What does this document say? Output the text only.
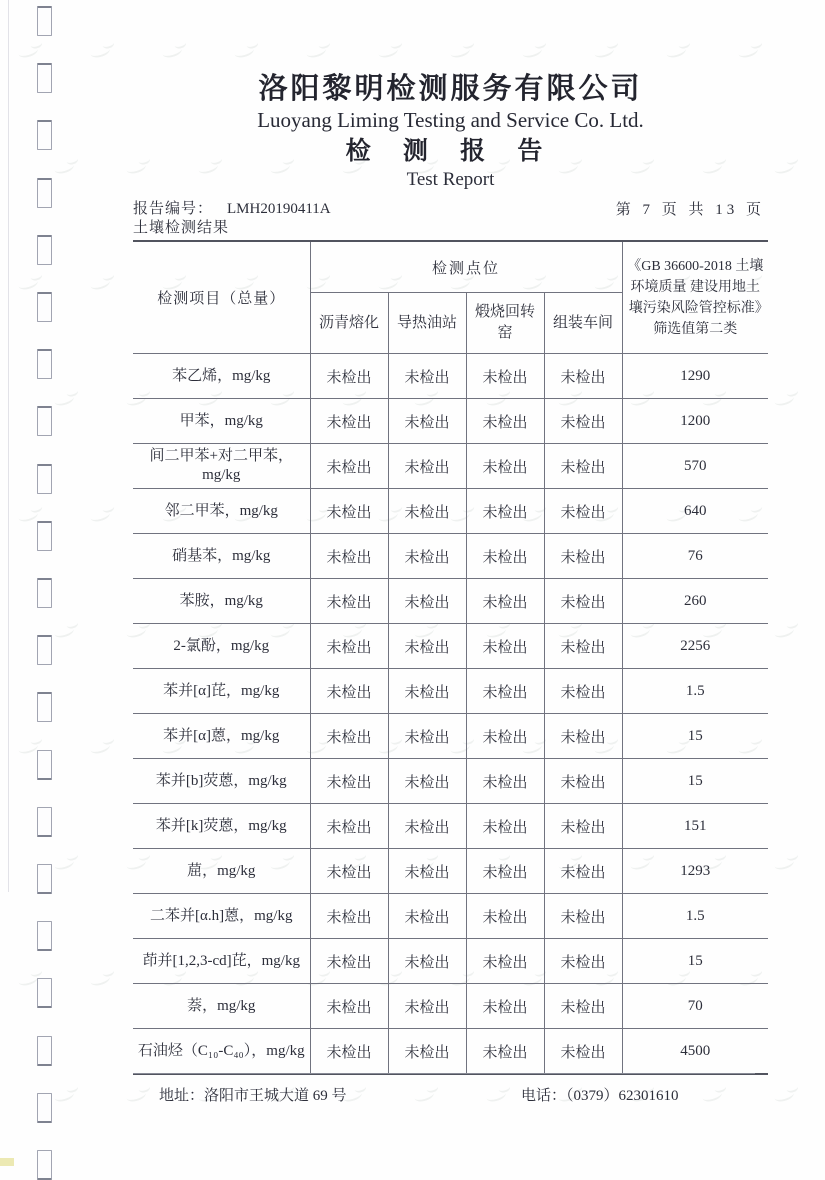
洛阳黎明检测服务有限公司
Luoyang Liming Testing and Service Co. Ltd.
检 测 报 告
Test Report
报告编号： LMH20190411A	第 7 页 共 13 页
土壤检测结果
检测项目（总量）	检测点位				《GB 36600-2018 土壤环境质量 建设用地土壤污染风险管控标准》筛选值第二类
	沥青熔化	导热油站	煅烧回转窑	组装车间	
苯乙烯，mg/kg	未检出	未检出	未检出	未检出	1290
甲苯，mg/kg	未检出	未检出	未检出	未检出	1200
间二甲苯+对二甲苯，mg/kg	未检出	未检出	未检出	未检出	570
邻二甲苯，mg/kg	未检出	未检出	未检出	未检出	640
硝基苯，mg/kg	未检出	未检出	未检出	未检出	76
苯胺，mg/kg	未检出	未检出	未检出	未检出	260
2-氯酚，mg/kg	未检出	未检出	未检出	未检出	2256
苯并[α]芘，mg/kg	未检出	未检出	未检出	未检出	1.5
苯并[α]蒽，mg/kg	未检出	未检出	未检出	未检出	15
苯并[b]荧蒽，mg/kg	未检出	未检出	未检出	未检出	15
苯并[k]荧蒽，mg/kg	未检出	未检出	未检出	未检出	151
䓛，mg/kg	未检出	未检出	未检出	未检出	1293
二苯并[α.h]蒽，mg/kg	未检出	未检出	未检出	未检出	1.5
茚并[1,2,3-cd]芘，mg/kg	未检出	未检出	未检出	未检出	15
萘，mg/kg	未检出	未检出	未检出	未检出	70
石油烃（C₁₀-C₄₀），mg/kg	未检出	未检出	未检出	未检出	4500
地址：洛阳市王城大道 69 号	电话：（0379）62301610
